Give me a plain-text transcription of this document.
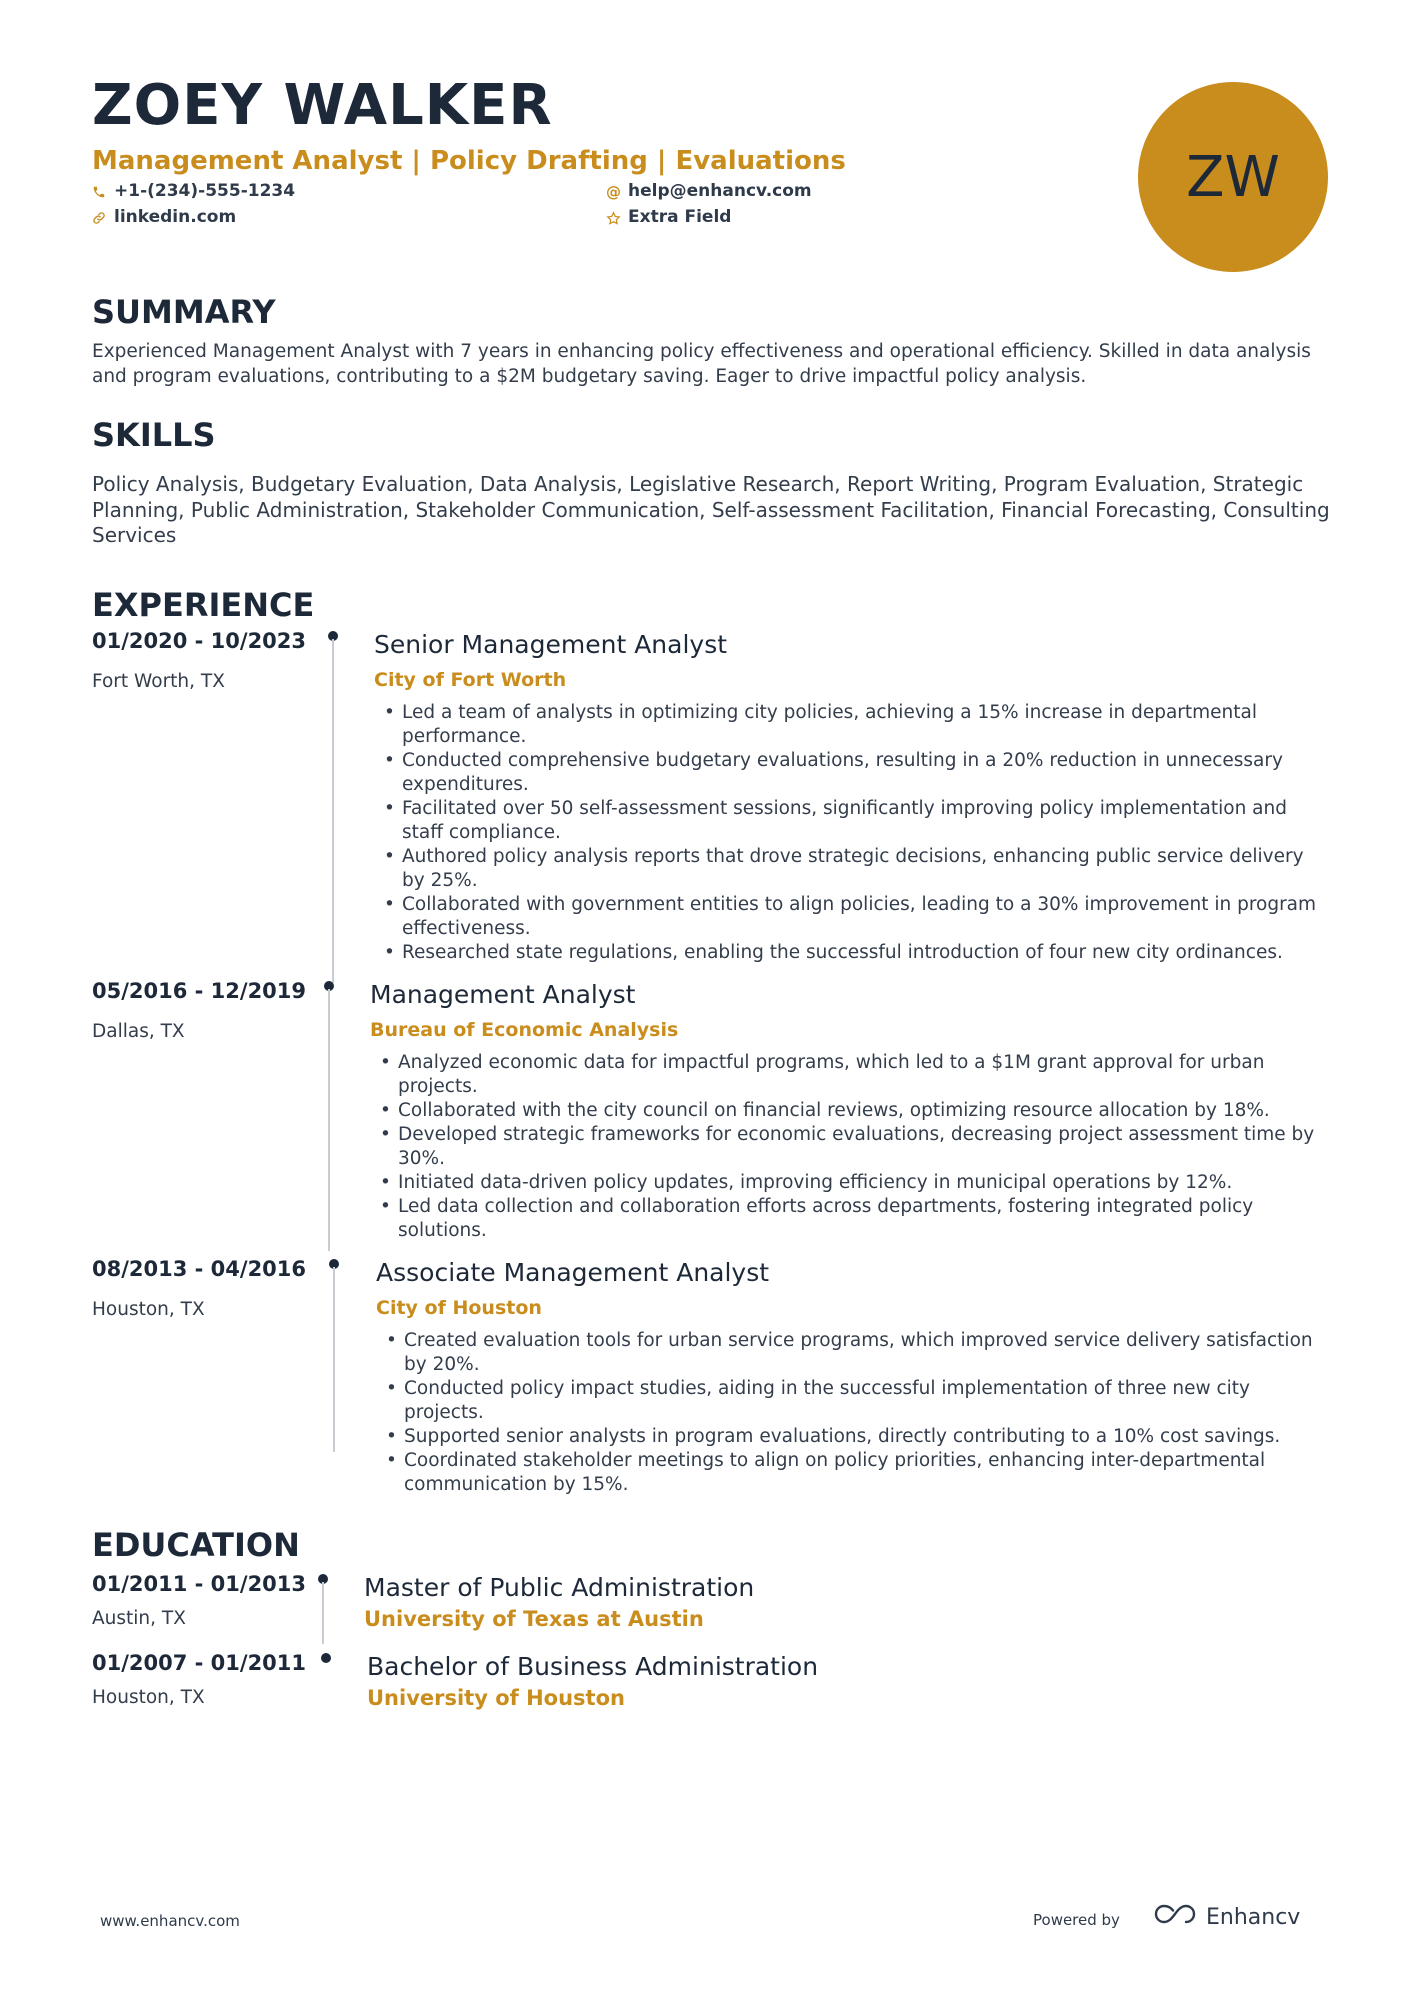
ZOEY WALKER
Management Analyst | Policy Drafting | Evaluations
+1-(234)-555-1234	@ help@enhancv.com
linkedin.com	Extra Field
ZW
SUMMARY
Experienced Management Analyst with 7 years in enhancing policy effectiveness and operational efficiency. Skilled in data analysis and program evaluations, contributing to a $2M budgetary saving. Eager to drive impactful policy analysis.
SKILLS
Policy Analysis, Budgetary Evaluation, Data Analysis, Legislative Research, Report Writing, Program Evaluation, Strategic Planning, Public Administration, Stakeholder Communication, Self-assessment Facilitation, Financial Forecasting, Consulting Services
EXPERIENCE
01/2020 - 10/2023
Fort Worth, TX
Senior Management Analyst
City of Fort Worth
• Led a team of analysts in optimizing city policies, achieving a 15% increase in departmental performance.
• Conducted comprehensive budgetary evaluations, resulting in a 20% reduction in unnecessary expenditures.
• Facilitated over 50 self-assessment sessions, significantly improving policy implementation and staff compliance.
• Authored policy analysis reports that drove strategic decisions, enhancing public service delivery by 25%.
• Collaborated with government entities to align policies, leading to a 30% improvement in program effectiveness.
• Researched state regulations, enabling the successful introduction of four new city ordinances.
05/2016 - 12/2019
Dallas, TX
Management Analyst
Bureau of Economic Analysis
• Analyzed economic data for impactful programs, which led to a $1M grant approval for urban projects.
• Collaborated with the city council on financial reviews, optimizing resource allocation by 18%.
• Developed strategic frameworks for economic evaluations, decreasing project assessment time by 30%.
• Initiated data-driven policy updates, improving efficiency in municipal operations by 12%.
• Led data collection and collaboration efforts across departments, fostering integrated policy solutions.
08/2013 - 04/2016
Houston, TX
Associate Management Analyst
City of Houston
• Created evaluation tools for urban service programs, which improved service delivery satisfaction by 20%.
• Conducted policy impact studies, aiding in the successful implementation of three new city projects.
• Supported senior analysts in program evaluations, directly contributing to a 10% cost savings.
• Coordinated stakeholder meetings to align on policy priorities, enhancing inter-departmental communication by 15%.
EDUCATION
01/2011 - 01/2013
Austin, TX
Master of Public Administration
University of Texas at Austin
01/2007 - 01/2011
Houston, TX
Bachelor of Business Administration
University of Houston
www.enhancv.com	Powered by	Enhancv
